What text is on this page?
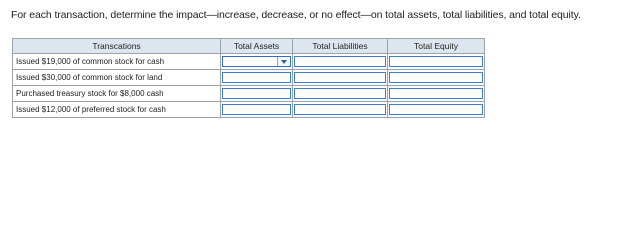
For each transaction, determine the impact—increase, decrease, or no effect—on total assets, total liabilities, and total equity.
Transcations	Total Assets	Total Liabilities	Total Equity
Issued $19,000 of common stock for cash	

Issued $30,000 of common stock for land	

Purchased treasury stock for $8,000 cash	

Issued $12,000 of preferred stock for cash	
